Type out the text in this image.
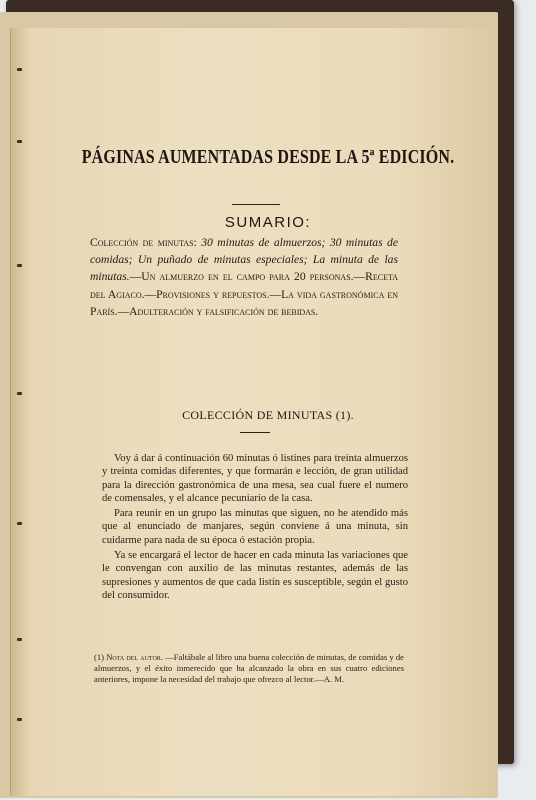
PÁGINAS AUMENTADAS DESDE LA 5ª EDICIÓN.
SUMARIO:
Colección de minutas: 30 minutas de almuerzos; 30 minutas de comidas; Un puñado de minutas especiales; La minuta de las minutas.—Un almuerzo en el campo para 20 personas.—Receta del Agiaco.—Provisiones y repuestos.—La vida gastronómica en París.—Adulteración y falsificación de bebidas.
COLECCIÓN DE MINUTAS (1).

Voy á dar á continuación 60 minutas ó listines para treinta almuerzos y treinta comidas diferentes, y que formarán e lección, de gran utilidad para la dirección gastronómica de una mesa, sea cual fuere el numero de comensales, y el alcance pecuniario de la casa.

Para reunir en un grupo las minutas que siguen, no he atendido más que al enunciado de manjares, según conviene á una minuta, sin cuidarme para nada de su época ó estación propia.

Ya se encargará el lector de hacer en cada minuta las variaciones que le convengan con auxilio de las minutas restantes, además de las supresiones y aumentos de que cada listín es susceptible, según el gusto del consumidor.

(1) Nota del autor. —Faltábale al libro una buena colección de minutas, de comidas y de almuerzos, y el éxito inmerecido que ha alcanzado la obra en sus cuatro ediciones anteriores, impone la necesidad del trabajo que ofrezco al lector.—A. M.
